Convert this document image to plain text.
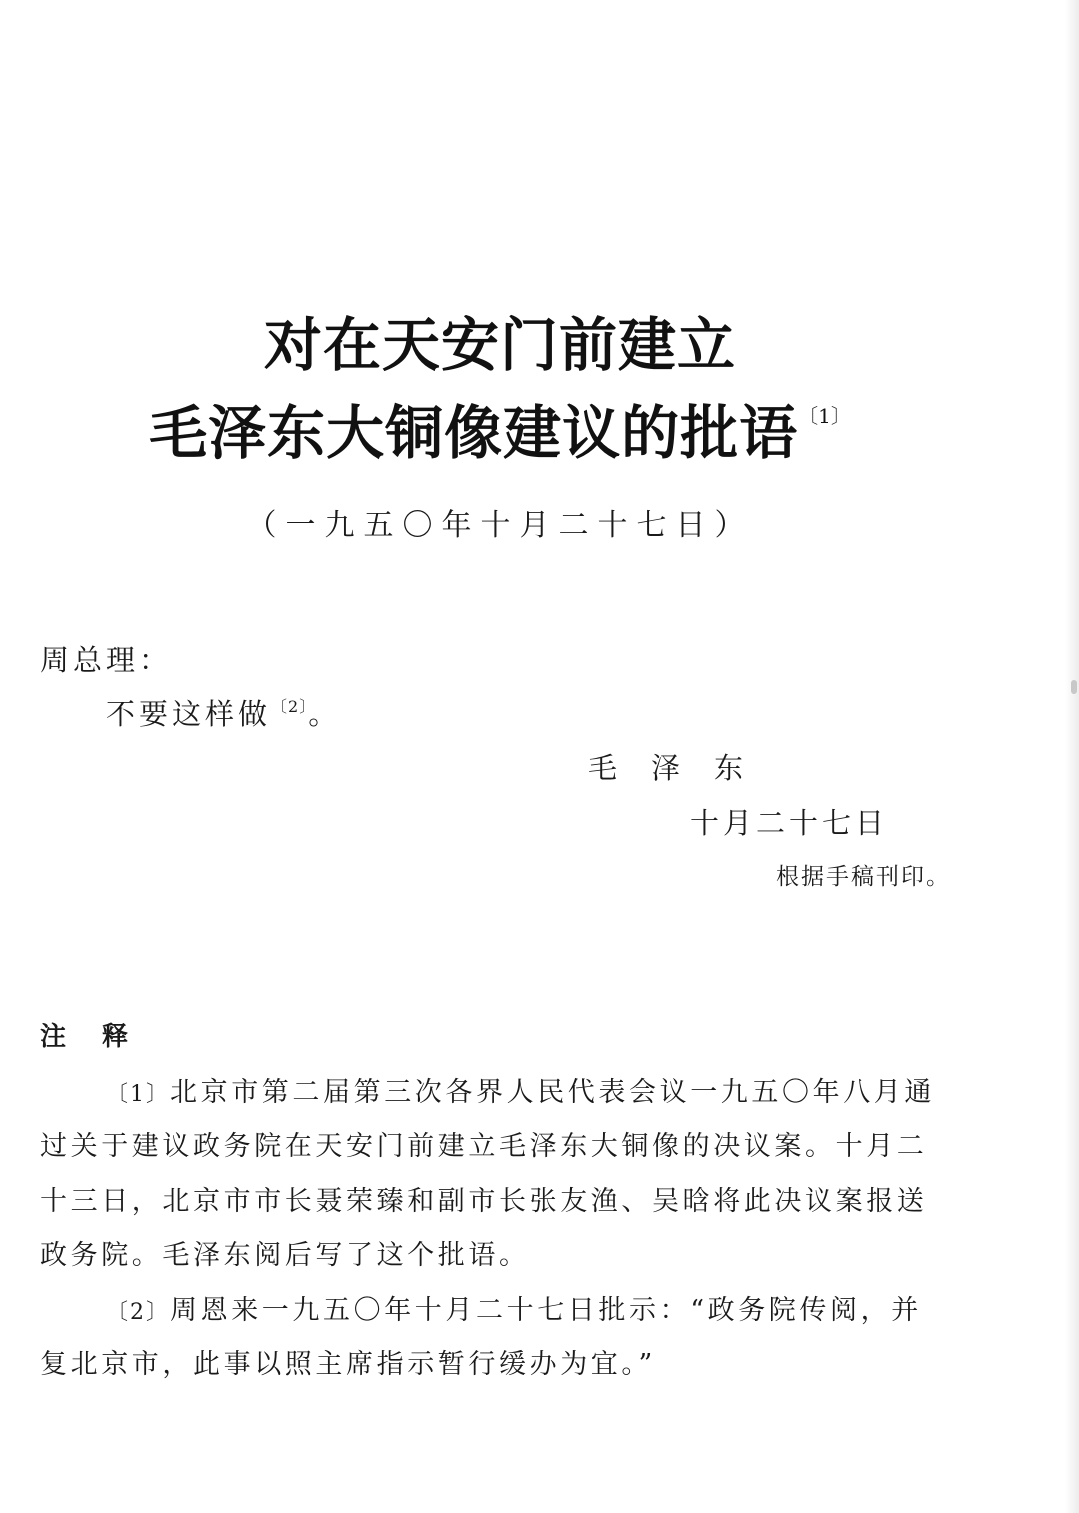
对在天安门前建立
毛泽东大铜像建议的批语$^{〔1〕}$
（一九五〇年十月二十七日）
周总理：
不要这样做$^{〔2〕}$。
毛泽东
十月二十七日
根据手稿刊印。
注释
〔1〕北京市第二届第三次各界人民代表会议一九五〇年八月通
过关于建议政务院在天安门前建立毛泽东大铜像的决议案。十月二
十三日，北京市市长聂荣臻和副市长张友渔、吴晗将此决议案报送
政务院。毛泽东阅后写了这个批语。
〔2〕周恩来一九五〇年十月二十七日批示：“政务院传阅，并
复北京市，此事以照主席指示暂行缓办为宜。”
